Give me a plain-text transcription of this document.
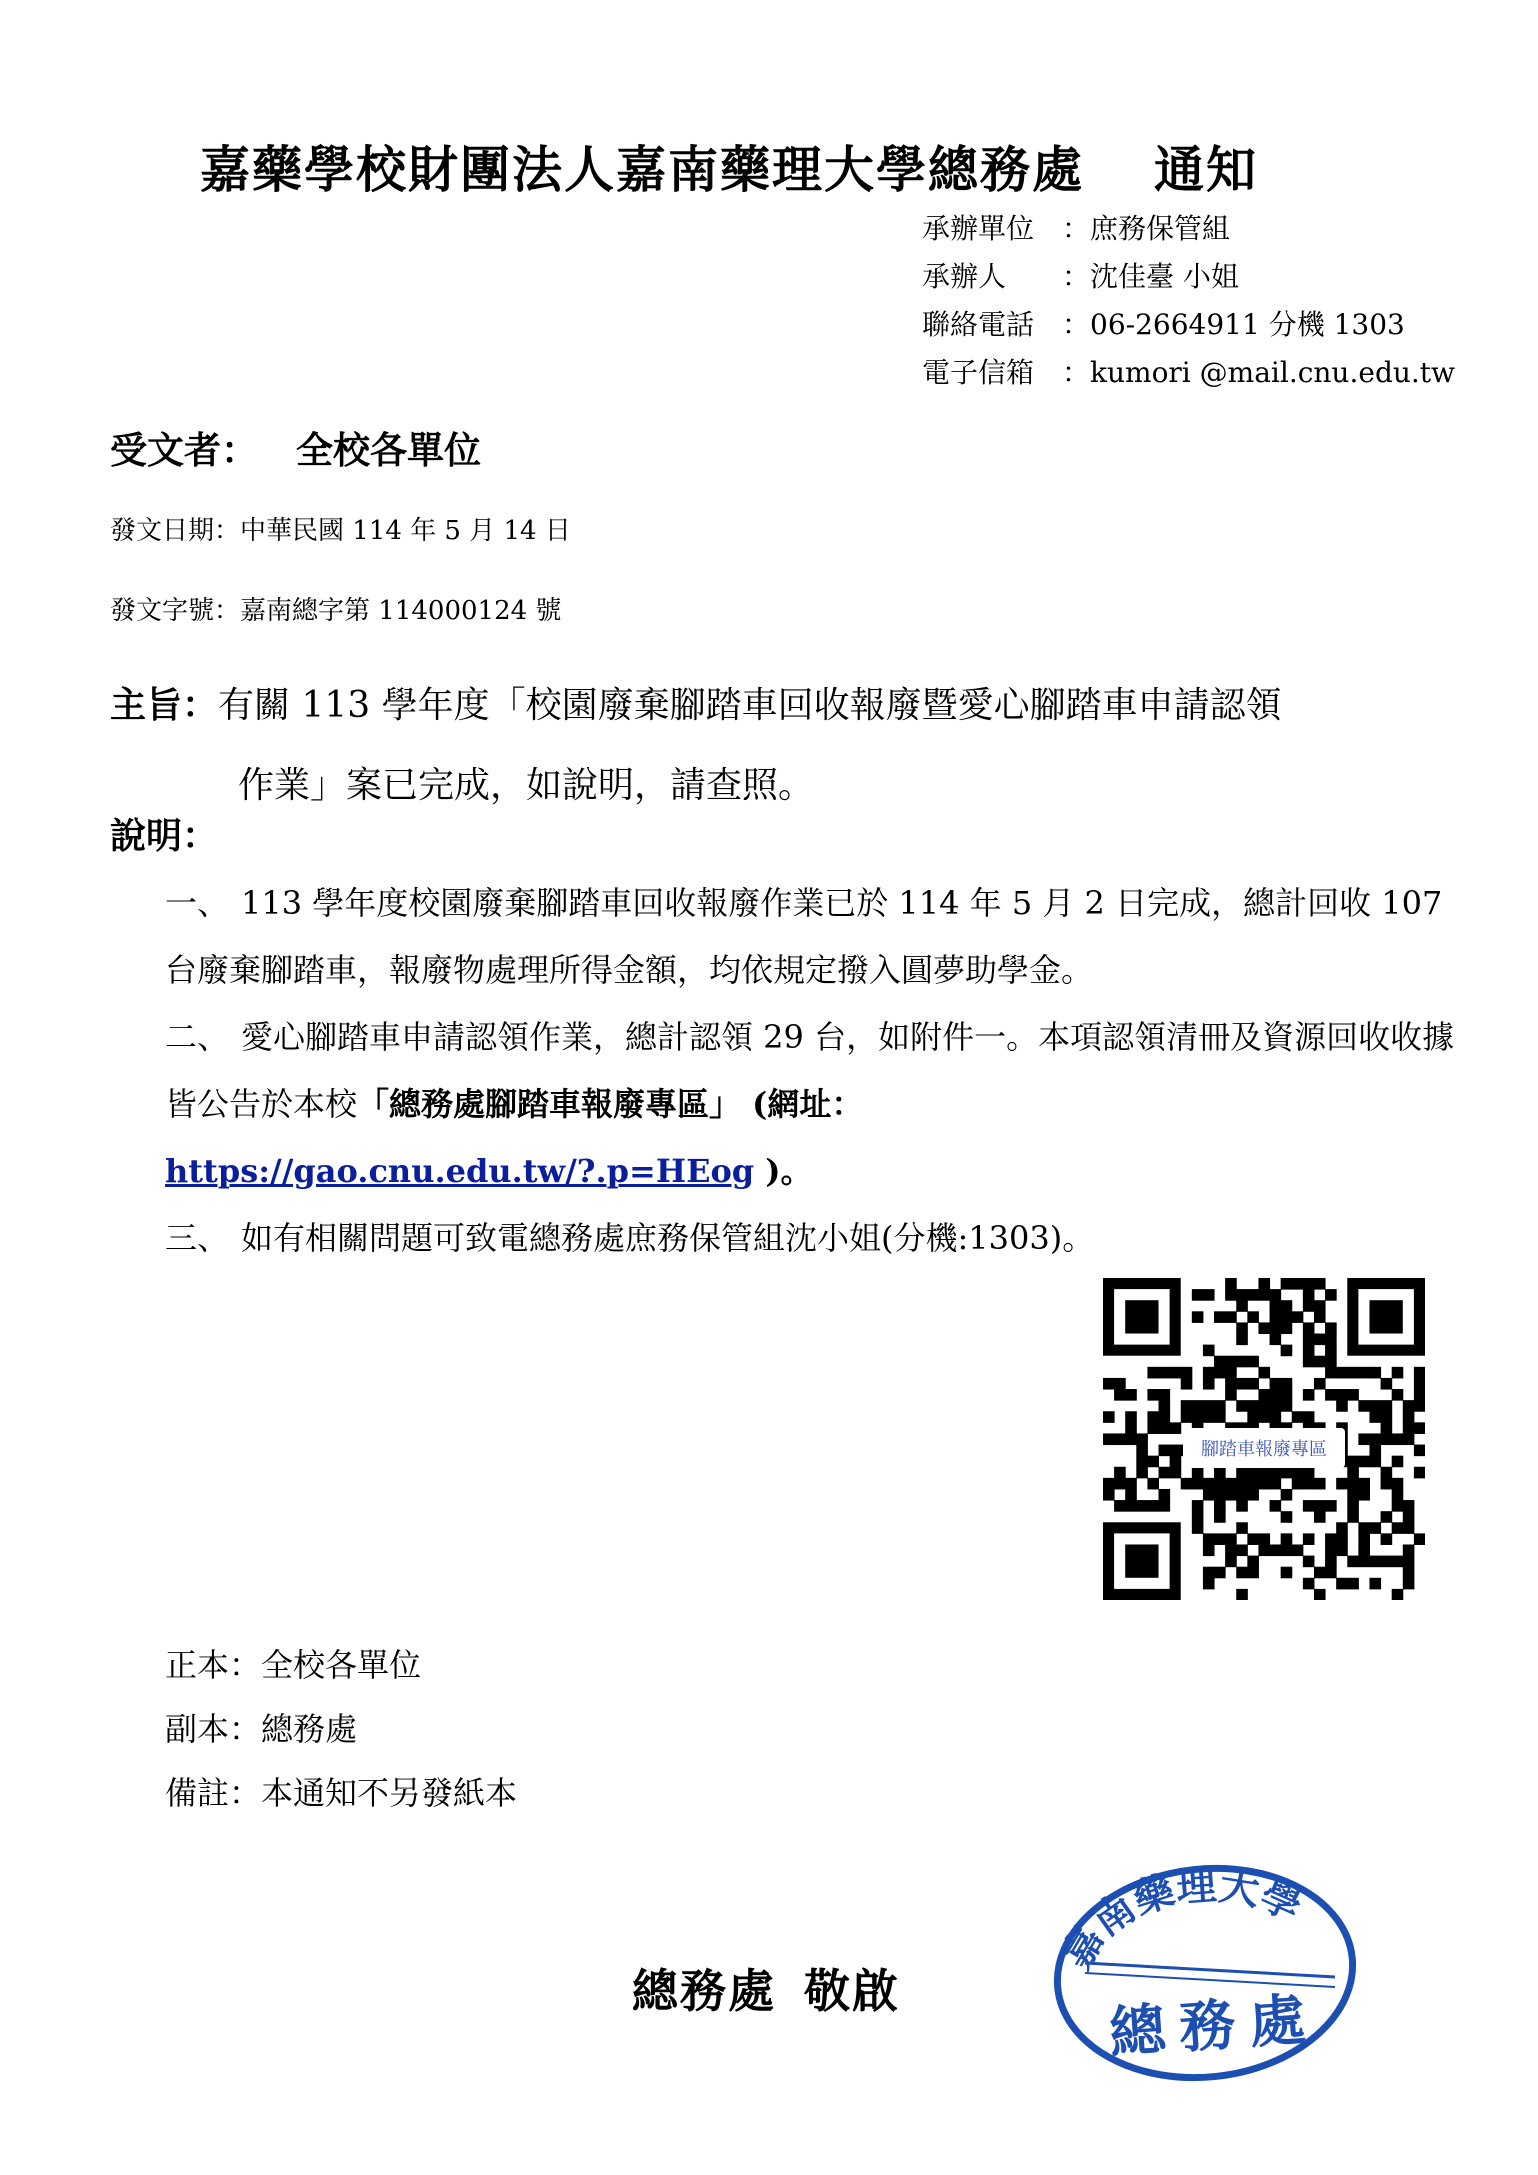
嘉藥學校財團法人嘉南藥理大學總務處 通知
承辦單位 ： 庶務保管組
承辦人	： 沈佳臺 小姐
聯絡電話 ： 06-2664911 分機 1303
電子信箱 ： kumori @mail.cnu.edu.tw
受文者： 全校各單位
發文日期：中華民國 114 年 5 月 14 日
發文字號：嘉南總字第 114000124 號
主旨：有關 113 學年度「校園廢棄腳踏車回收報廢暨愛心腳踏車申請認領
作業」案已完成，如說明，請查照。
說明：
一、 113 學年度校園廢棄腳踏車回收報廢作業已於 114 年 5 月 2 日完成，總計回收 107 台廢棄腳踏車，報廢物處理所得金額，均依規定撥入圓夢助學金。
二、 愛心腳踏車申請認領作業，總計認領 29 台，如附件一。本項認領清冊及資源回收收據皆公告於本校「總務處腳踏車報廢專區」 (網址：
https://gao.cnu.edu.tw/?.p=HEog )。
三、 如有相關問題可致電總務處庶務保管組沈小姐(分機:1303)。
腳踏車報廢專區
正本：全校各單位
副本：總務處
備註：本通知不另發紙本
總務處 敬啟
嘉南藥理大學
總務處
